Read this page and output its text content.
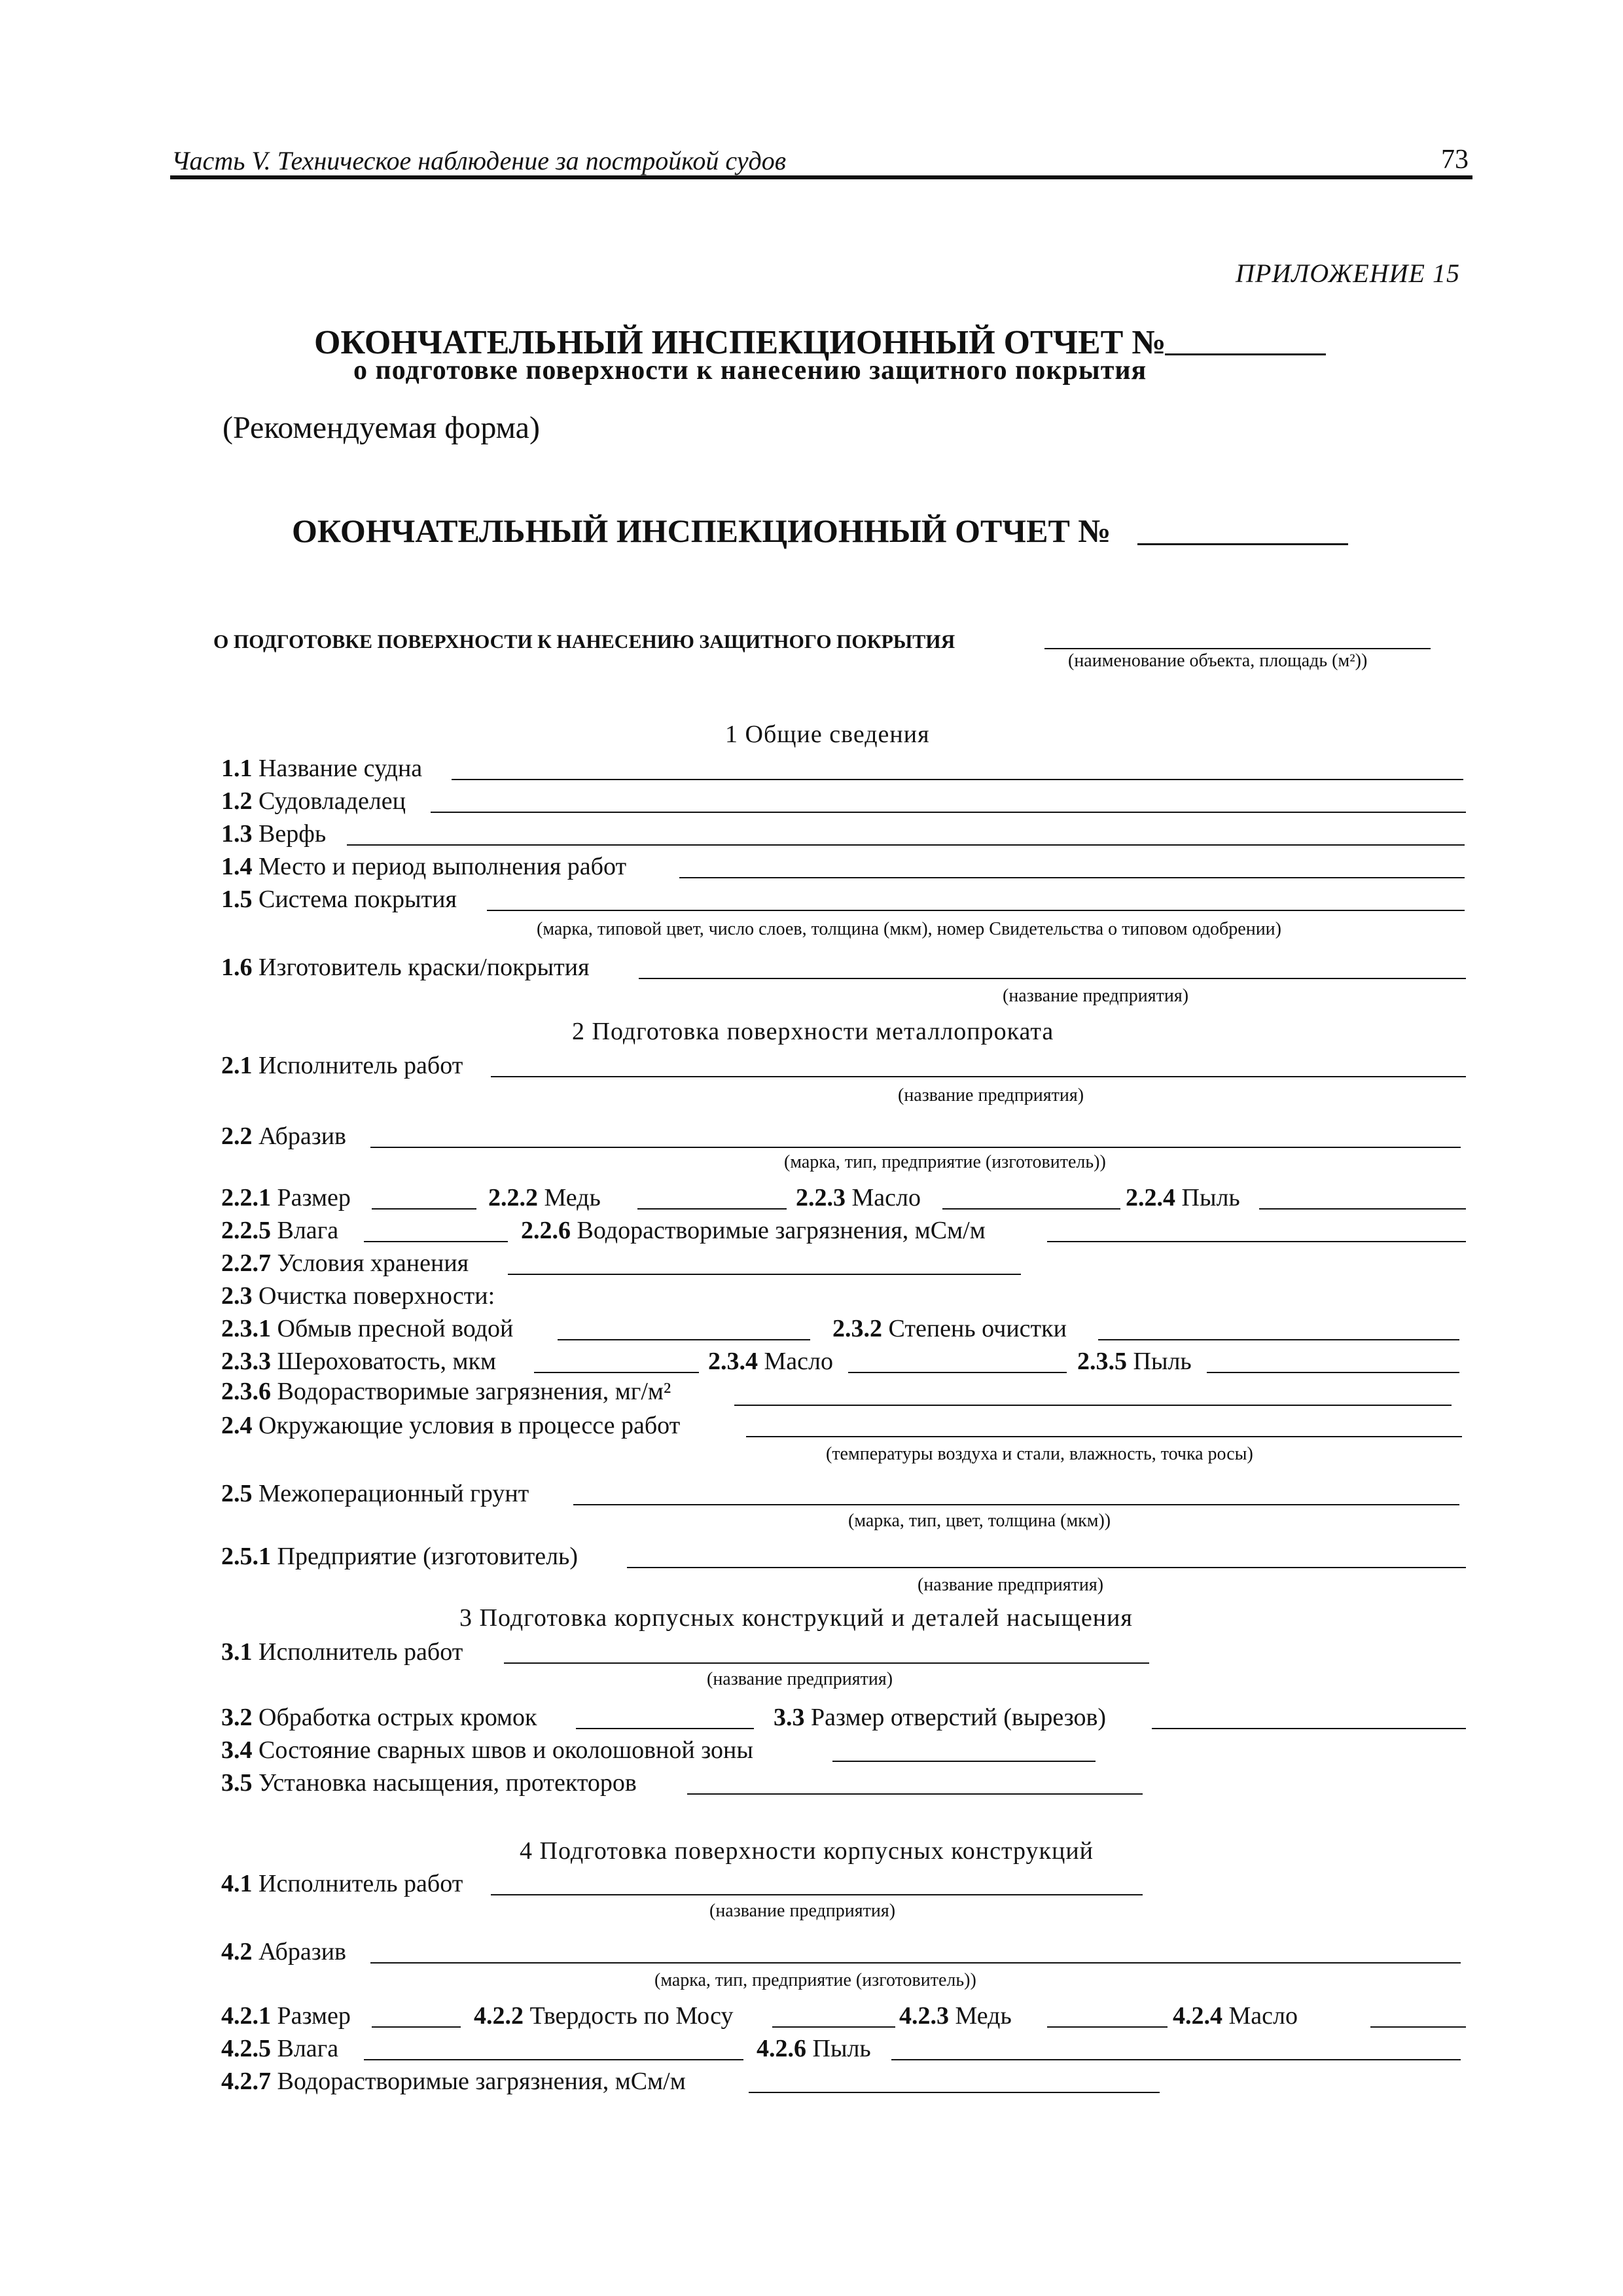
Часть V. Техническое наблюдение за постройкой судов	73
ПРИЛОЖЕНИЕ 15
ОКОНЧАТЕЛЬНЫЙ ИНСПЕКЦИОННЫЙ ОТЧЕТ №
о подготовке поверхности к нанесению защитного покрытия
(Рекомендуемая форма)
ОКОНЧАТЕЛЬНЫЙ ИНСПЕКЦИОННЫЙ ОТЧЕТ №
О ПОДГОТОВКЕ ПОВЕРХНОСТИ К НАНЕСЕНИЮ ЗАЩИТНОГО ПОКРЫТИЯ
(наименование объекта, площадь (м²))
1 Общие сведения
1.1 Название судна
1.2 Судовладелец
1.3 Верфь
1.4 Место и период выполнения работ
1.5 Система покрытия
(марка, типовой цвет, число слоев, толщина (мкм), номер Свидетельства о типовом одобрении)
1.6 Изготовитель краски/покрытия
(название предприятия)
2 Подготовка поверхности металлопроката
2.1 Исполнитель работ
(название предприятия)
2.2 Абразив
(марка, тип, предприятие (изготовитель))
2.2.1 Размер	2.2.2 Медь	2.2.3 Масло	2.2.4 Пыль
2.2.5 Влага	2.2.6 Водорастворимые загрязнения, мСм/м
2.2.7 Условия хранения
2.3 Очистка поверхности:
2.3.1 Обмыв пресной водой	2.3.2 Степень очистки
2.3.3 Шероховатость, мкм	2.3.4 Масло	2.3.5 Пыль
2.3.6 Водорастворимые загрязнения, мг/м²
2.4 Окружающие условия в процессе работ
(температуры воздуха и стали, влажность, точка росы)
2.5 Межоперационный грунт
(марка, тип, цвет, толщина (мкм))
2.5.1 Предприятие (изготовитель)
(название предприятия)
3 Подготовка корпусных конструкций и деталей насыщения
3.1 Исполнитель работ
(название предприятия)
3.2 Обработка острых кромок	3.3 Размер отверстий (вырезов)
3.4 Состояние сварных швов и околошовной зоны
3.5 Установка насыщения, протекторов
4 Подготовка поверхности корпусных конструкций
4.1 Исполнитель работ
(название предприятия)
4.2 Абразив
(марка, тип, предприятие (изготовитель))
4.2.1 Размер	4.2.2 Твердость по Мосу	4.2.3 Медь	4.2.4 Масло
4.2.5 Влага	4.2.6 Пыль
4.2.7 Водорастворимые загрязнения, мСм/м
